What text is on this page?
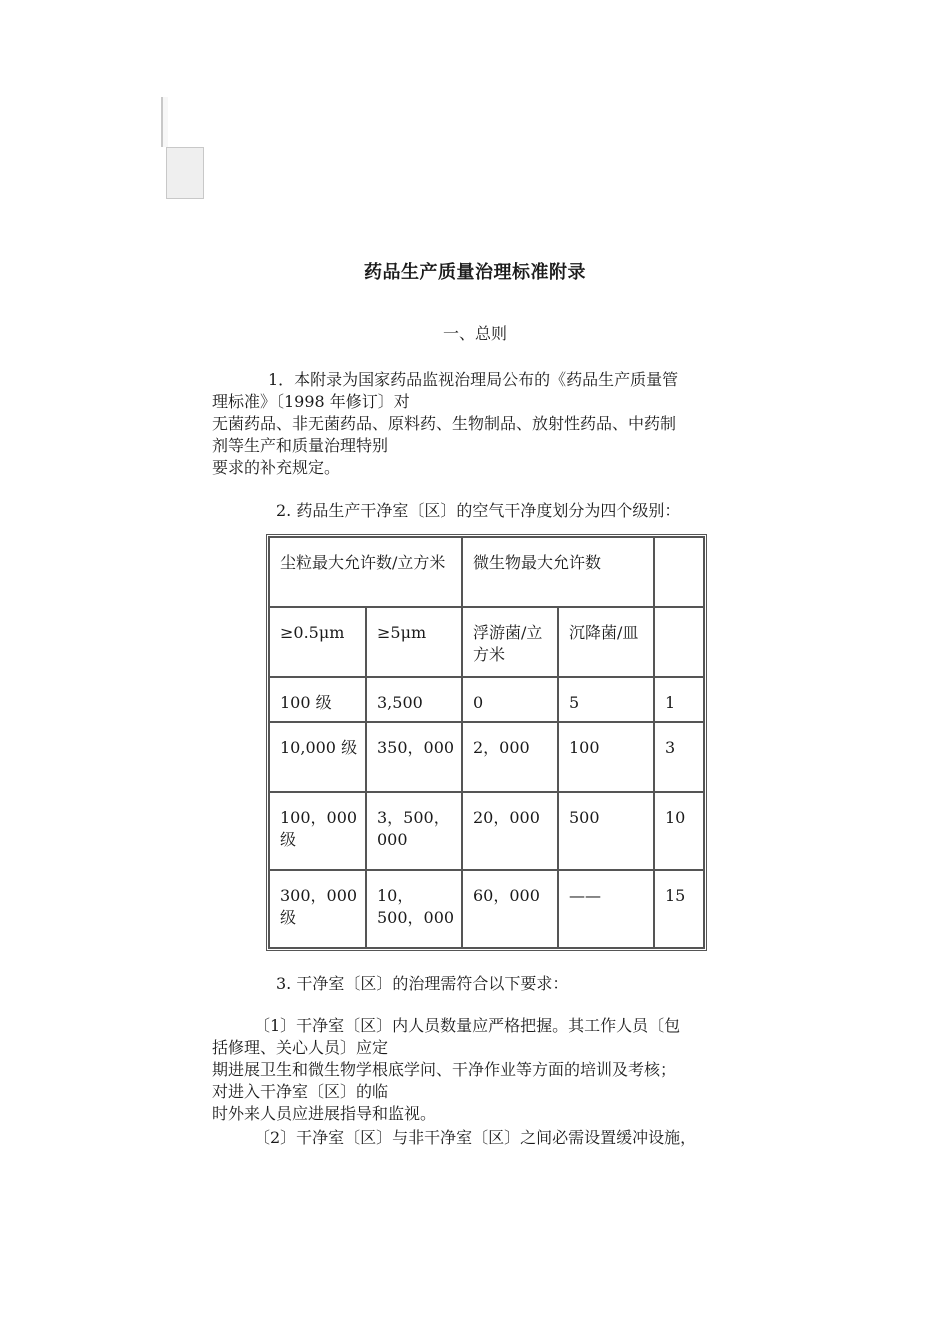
药品生产质量治理标准附录
一、总则
1．本附录为国家药品监视治理局公布的《药品生产质量管
理标准》〔1998 年修订〕对
无菌药品、非无菌药品、原料药、生物制品、放射性药品、中药制
剂等生产和质量治理特别
要求的补充规定。
2. 药品生产干净室〔区〕的空气干净度划分为四个级别：
尘粒最大允许数/立方米		微生物最大允许数		
≥0.5μm	≥5μm	浮游菌/立方米	沉降菌/皿	
100 级	3,500	0	5	1
10,000 级	350，000	2，000	100	3
100，000 级	3，500，000	20，000	500	10
300，000 级	10，500，000	60，000	——	15
3. 干净室〔区〕的治理需符合以下要求：
〔1〕干净室〔区〕内人员数量应严格把握。其工作人员〔包
括修理、关心人员〕应定
期进展卫生和微生物学根底学问、干净作业等方面的培训及考核；
对进入干净室〔区〕的临
时外来人员应进展指导和监视。
〔2〕干净室〔区〕与非干净室〔区〕之间必需设置缓冲设施，
